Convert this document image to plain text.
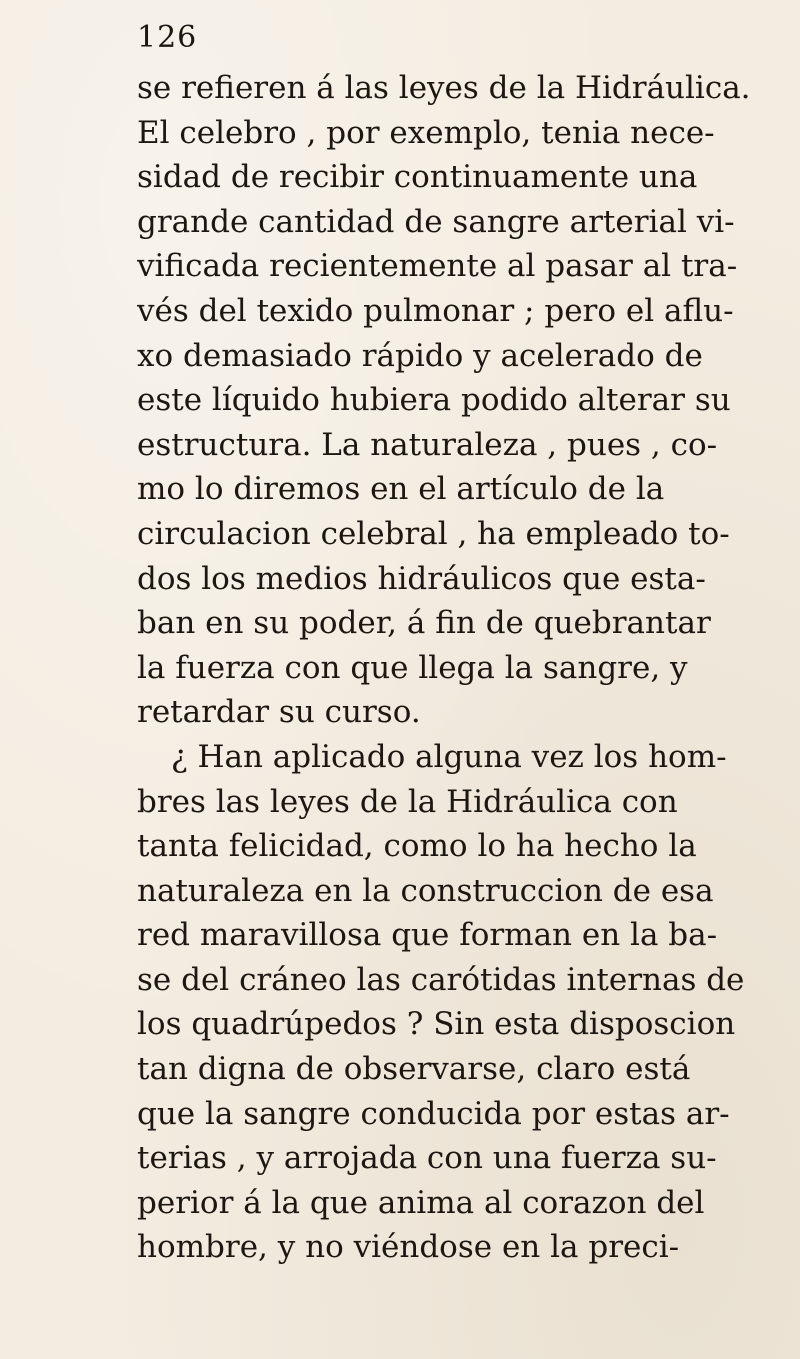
126
se refieren á las leyes de la Hidráulica.
El celebro , por exemplo, tenia nece-
sidad de recibir continuamente una
grande cantidad de sangre arterial vi-
vificada recientemente al pasar al tra-
vés del texido pulmonar ; pero el aflu-
xo demasiado rápido y acelerado de
este líquido hubiera podido alterar su
estructura. La naturaleza , pues , co-
mo lo diremos en el artículo de la
circulacion celebral , ha empleado to-
dos los medios hidráulicos que esta-
ban en su poder, á fin de quebrantar
la fuerza con que llega la sangre, y
retardar su curso.
¿ Han aplicado alguna vez los hom-
bres las leyes de la Hidráulica con
tanta felicidad, como lo ha hecho la
naturaleza en la construccion de esa
red maravillosa que forman en la ba-
se del cráneo las carótidas internas de
los quadrúpedos ? Sin esta disposcion
tan digna de observarse, claro está
que la sangre conducida por estas ar-
terias , y arrojada con una fuerza su-
perior á la que anima al corazon del
hombre, y no viéndose en la preci-
